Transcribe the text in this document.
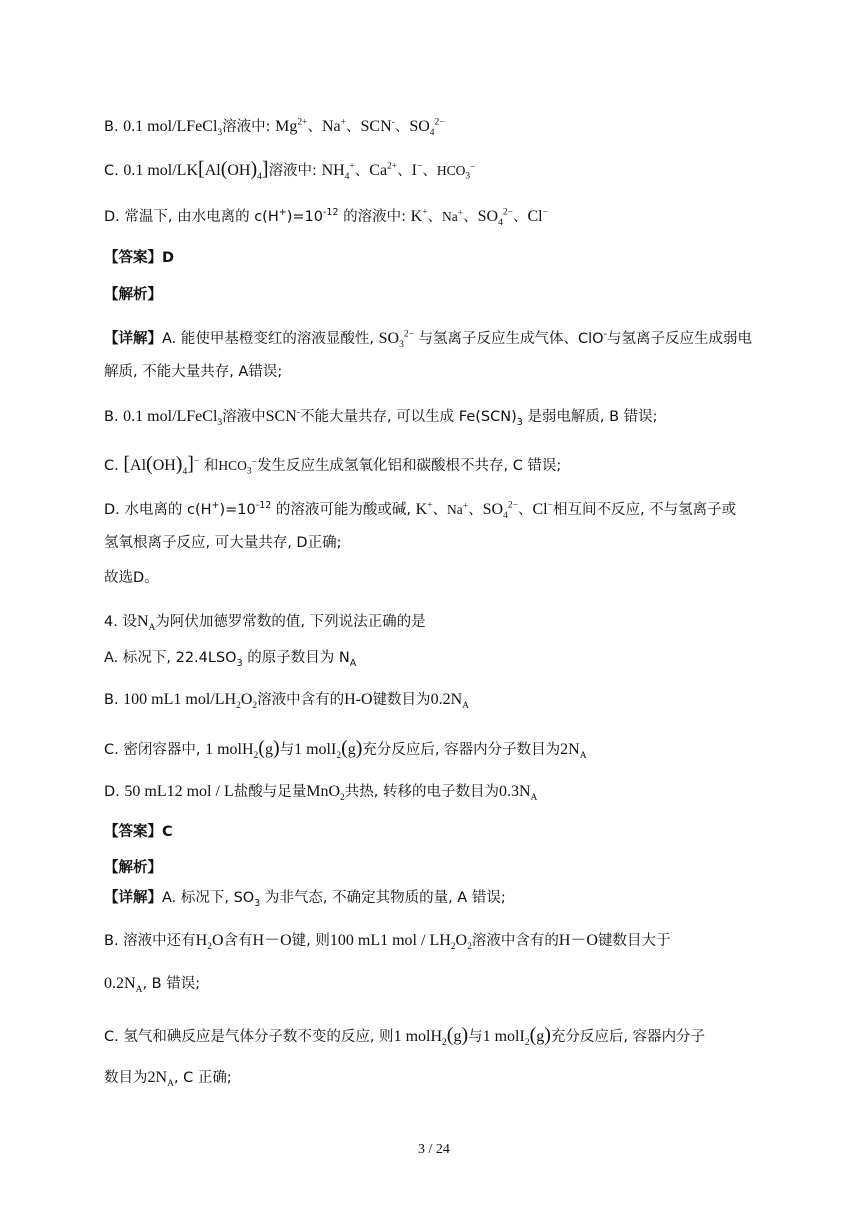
B. 0.1 mol/LFeCl$_3$溶液中: $Mg^{2+}$、Na+、SCN-、$SO_4^{2-}$
C. 0.1 mol/$LK[Al(OH)_4]$溶液中: $NH_4^+$、$Ca^{2+}$、I−、$HCO_3^-$
D. 常温下, 由水电离的 $c(H^+)=10^{-12}$ 的溶液中: K+、Na+、$SO_4^{2-}$、Cl−
【答案】D
【解析】
【详解】A. 能使甲基橙变红的溶液显酸性, $SO_3^{2-}$ 与氢离子反应生成气体、ClO-与氢离子反应生成弱电
解质, 不能大量共存, A错误;
B. 0.1 mol/LFeCl$_3$溶液中SCN-不能大量共存, 可以生成 $Fe(SCN)_3$ 是弱电解质, B 错误;
C. $[Al(OH)_4]^-$ 和$HCO_3^-$发生反应生成氢氧化铝和碳酸根不共存, C 错误;
D. 水电离的 $c(H^+)=10^{-12}$ 的溶液可能为酸或碱, K+、Na+、$SO_4^{2-}$、Cl−相互间不反应, 不与氢离子或
氢氧根离子反应, 可大量共存, D正确;
故选D。
4. 设$N_A$为阿伏加德罗常数的值, 下列说法正确的是
A. 标况下, $22.4LSO_3$ 的原子数目为 $N_A$
B. 100 mL1 mol/$LH_2O_2$溶液中含有的H-O键数目为$0.2N_A$
C. 密闭容器中, 1 molH$_2$(g)与1 molI$_2$(g)充分反应后, 容器内分子数目为$2N_A$
D. 50 mL12 mol / L盐酸与足量MnO$_2$共热, 转移的电子数目为$0.3N_A$
【答案】C
【解析】
【详解】A. 标况下, $SO_3$ 为非气态, 不确定其物质的量, A 错误;
B. 溶液中还有$H_2O$含有H－O键, 则100 mL1 mol / $LH_2O_2$溶液中含有的H－O键数目大于
$0.2N_A$, B 错误;
C. 氢气和碘反应是气体分子数不变的反应, 则1 molH$_2$(g)与1 molI$_2$(g)充分反应后, 容器内分子
数目为$2N_A$, C 正确;
3 / 24
